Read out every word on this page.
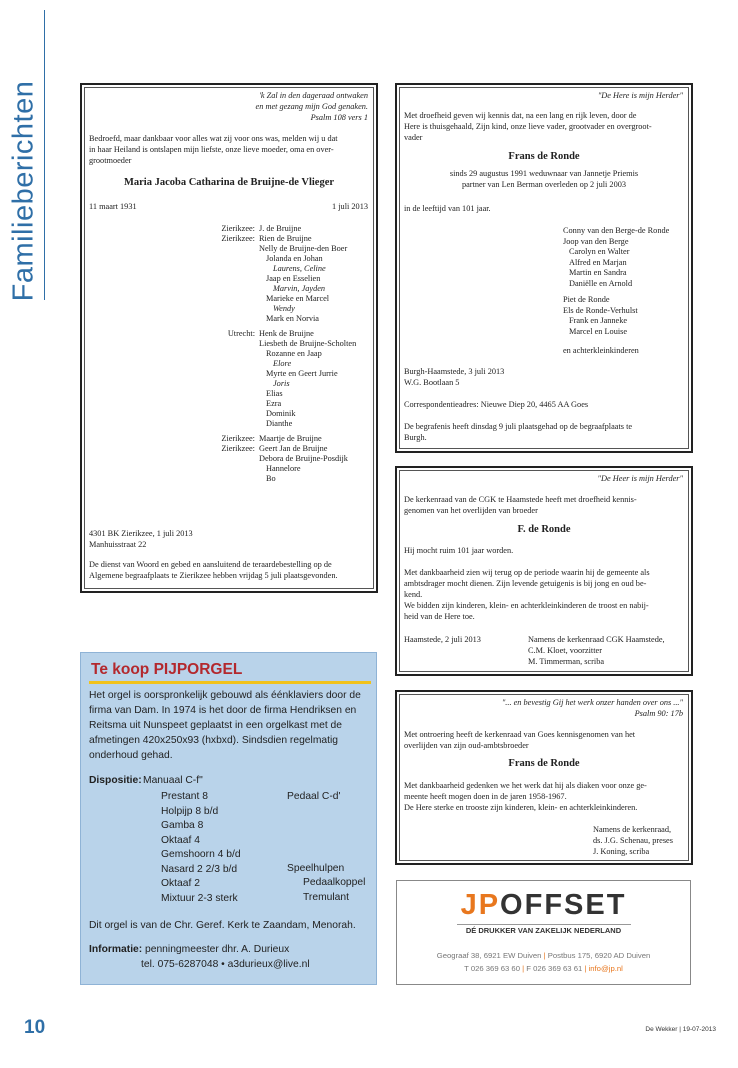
Familieberichten	'k Zal in den dageraad ontwaken
en met gezang mijn God genaken.
Psalm 108 vers 1
Bedroefd, maar dankbaar voor alles wat zij voor ons was, melden wij u dat
in haar Heiland is ontslapen mijn liefste, onze lieve moeder, oma en over-
grootmoeder
Maria Jacoba Catharina de Bruijne-de Vlieger
11 maart 1931	1 juli 2013
4301 BK Zierikzee, 1 juli 2013
Manhuisstraat 22
De dienst van Woord en gebed en aansluitend de teraardebestelling op de
Algemene begraafplaats te Zierikzee hebben vrijdag 5 juli plaatsgevonden.
Zierikzee: J. de Bruijne
Zierikzee: Rien de Bruijne
Nelly de Bruijne-den Boer
Jolanda en Johan
Laurens, Celine
Jaap en Esselien
Marvin, Jayden
Marieke en Marcel
Wendy
Mark en Norvia
Utrecht: Henk de Bruijne
Liesbeth de Bruijne-Scholten
Rozanne en Jaap
Elore
Myrte en Geert Jurrie
Joris
Elias
Ezra
Dominik
Dianthe
Zierikzee: Maartje de Bruijne
Zierikzee: Geert Jan de Bruijne
Debora de Bruijne-Posdijk
Hannelore
Bo
"De Here is mijn Herder"
Met droefheid geven wij kennis dat, na een lang en rijk leven, door de
Here is thuisgehaald, Zijn kind, onze lieve vader, grootvader en overgroot-
vader
Frans de Ronde
sinds 29 augustus 1991 weduwnaar van Jannetje Priemis
partner van Len Berman overleden op 2 juli 2003
in de leeftijd van 101 jaar.
en achterkleinkinderen
Burgh-Haamstede, 3 juli 2013
W.G. Bootlaan 5
Correspondentieadres: Nieuwe Diep 20, 4465 AA Goes
De begrafenis heeft dinsdag 9 juli plaatsgehad op de begraafplaats te
Burgh.
Conny van den Berge-de Ronde
Joop van den Berge
Carolyn en Walter
Alfred en Marjan
Martin en Sandra
Daniëlle en Arnold
Piet de Ronde
Els de Ronde-Verhulst
Frank en Janneke
Marcel en Louise
"De Heer is mijn Herder"
De kerkenraad van de CGK te Haamstede heeft met droefheid kennis-
genomen van het overlijden van broeder
F. de Ronde
Hij mocht ruim 101 jaar worden.
Met dankbaarheid zien wij terug op de periode waarin hij de gemeente als
ambtsdrager mocht dienen. Zijn levende getuigenis is bij jong en oud be-
kend.
We bidden zijn kinderen, klein- en achterkleinkinderen de troost en nabij-
heid van de Here toe.
Haamstede, 2 juli 2013	Namens de kerkenraad CGK Haamstede,
C.M. Kloet, voorzitter
M. Timmerman, scriba
"... en bevestig Gij het werk onzer handen over ons ..."
Psalm 90: 17b
Met ontroering heeft de kerkenraad van Goes kennisgenomen van het
overlijden van zijn oud-ambtsbroeder
Frans de Ronde
Met dankbaarheid gedenken we het werk dat hij als diaken voor onze ge-
meente heeft mogen doen in de jaren 1958-1967.
De Here sterke en trooste zijn kinderen, klein- en achterkleinkinderen.
Namens de kerkenraad,
ds. J.G. Schenau, preses
J. Koning, scriba
Te koop PIJPORGEL
Het orgel is oorspronkelijk gebouwd als éénklaviers door de
firma van Dam. In 1974 is het door de firma Hendriksen en
Reitsma uit Nunspeet geplaatst in een orgelkast met de
afmetingen 420x250x93 (hxbxd). Sindsdien regelmatig
onderhoud gehad.
Dispositie: Manuaal C-f"
Pedaal C-d'
Speelhulpen
Pedaalkoppel
Tremulant
Dit orgel is van de Chr. Geref. Kerk te Zaandam, Menorah.
Informatie: penningmeester dhr. A. Durieux
tel. 075-6287048 • a3durieux@live.nl
Prestant 8
Holpijp 8 b/d
Gamba 8
Oktaaf 4
Gemshoorn 4 b/d
Nasard 2 2/3 b/d
Oktaaf 2
Mixtuur 2-3 sterk	JPOFFSET
DÉ DRUKKER VAN ZAKELIJK NEDERLAND
Geograaf 38, 6921 EW Duiven | Postbus 175, 6920 AD Duiven
T 026 369 63 60 | F 026 369 63 61 | info@jp.nl
10	De Wekker | 19-07-2013
